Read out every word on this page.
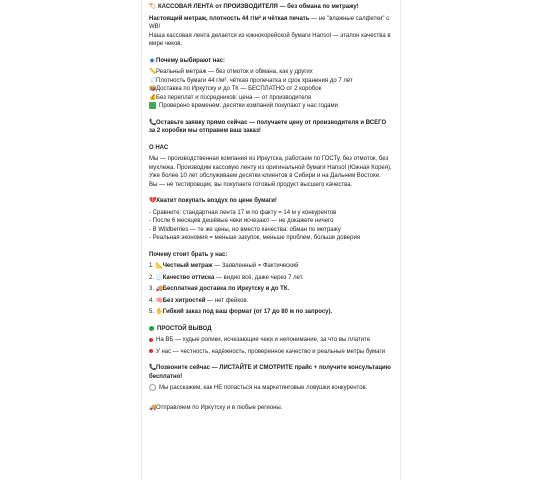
🏷КАССОВАЯ ЛЕНТА от ПРОИЗВОДИТЕЛЯ — без обмана по метражу!

Настоящий метраж, плотность 44 г/м² и чёткая печать — не "влажные салфетки" с WB!

Наша кассовая лента делается из южнокорейской бумаги Hansol — эталон качества в мире чеков.

◆ Почему выбирают нас:

📏Реальный метраж — без отмоток и обмана, как у других

📄Плотность бумаги 44 г/м²: чёткая пропечатка и срок хранения до 7 лет

📦Доставка по Иркутску и до ТК — БЕСПЛАТНО от 2 коробок

💰Без переплат и посредников: цена — от производителя

Проверено временем: десятки компаний покупают у нас годами

📞Оставьте заявку прямо сейчас — получаете цену от производителя и ВСЕГО за 2 коробки мы отправим ваш заказ!

О НАС

Мы — производственная компания из Иркутска, работаем по ГОСТу, без отмоток, без мухлежа. Производим кассовую ленту из оригинальной бумаги Hansol (Южная Корея). Уже более 10 лет обслуживаем десятки клиентов в Сибири и на Дальнем Востоке.

Вы — не тестировщик, вы покупаете готовый продукт высшего качества.

💔Хватит покупать воздух по цене бумаги!

- Сравните: стандартная лента 17 м по факту = 14 м у конкурентов

- После 6 месяцев дешёвые чеки исчезают — не докажете ничего

- В Wildberries — те же цены, но вместо качества: обман по метражу

- Реальная экономия = меньше закупок, меньше проблем, больше доверия

Почему стоит брать у нас:

1. 📐Честный метраж — Заявленный = Фактический

2. 🧾Качество оттиска — видно всё, даже через 7 лет.

3. 🚚Бесплатная доставка по Иркутску и до ТК.

4. 🧠Без хитростей — нет фейков.

5. ✋Гибкий заказ под ваш формат (от 17 до 80 м по запросу).

ПРОСТОЙ ВЫВОД

На ВБ — худые ролики, исчезающие чеки и непонимание, за что вы платите

У нас — честность, надёжность, проверенное качество и реальные метры бумаги

📞Позвоните сейчас — ЛИСТАЙТЕ И СМОТРИТЕ прайс + получите консультацию бесплатно!

Мы расскажем, как НЕ попасться на маркетинговые ловушки конкурентов.

🚚Отправляем по Иркутску и в любые регионы.
